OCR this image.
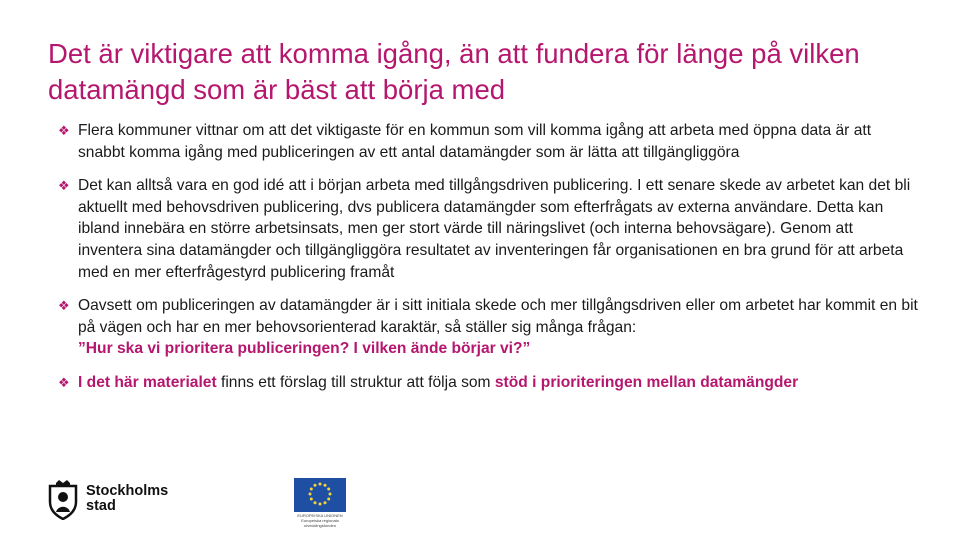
Det är viktigare att komma igång, än att fundera för länge på vilken datamängd som är bäst att börja med
❖ Flera kommuner vittnar om att det viktigaste för en kommun som vill komma igång att arbeta med öppna data är att snabbt komma igång med publiceringen av ett antal datamängder som är lätta att tillgängliggöra
❖ Det kan alltså vara en god idé att i början arbeta med tillgångsdriven publicering. I ett senare skede av arbetet kan det bli aktuellt med behovsdriven publicering, dvs publicera datamängder som efterfrågats av externa användare. Detta kan ibland innebära en större arbetsinsats, men ger stort värde till näringslivet (och interna behovsägare). Genom att inventera sina datamängder och tillgängliggöra resultatet av inventeringen får organisationen en bra grund för att arbeta med en mer efterfrågestyrd publicering framåt
❖ Oavsett om publiceringen av datamängder är i sitt initiala skede och mer tillgångsdriven eller om arbetet har kommit en bit på vägen och har en mer behovsorienterad karaktär, så ställer sig många frågan:
”Hur ska vi prioritera publiceringen? I vilken ände börjar vi?”
❖ I det här materialet finns ett förslag till struktur att följa som stöd i prioriteringen mellan datamängder
Stockholms
stad
EUROPEISKA UNIONEN
Europeiska regionala
utvecklingsfonden
